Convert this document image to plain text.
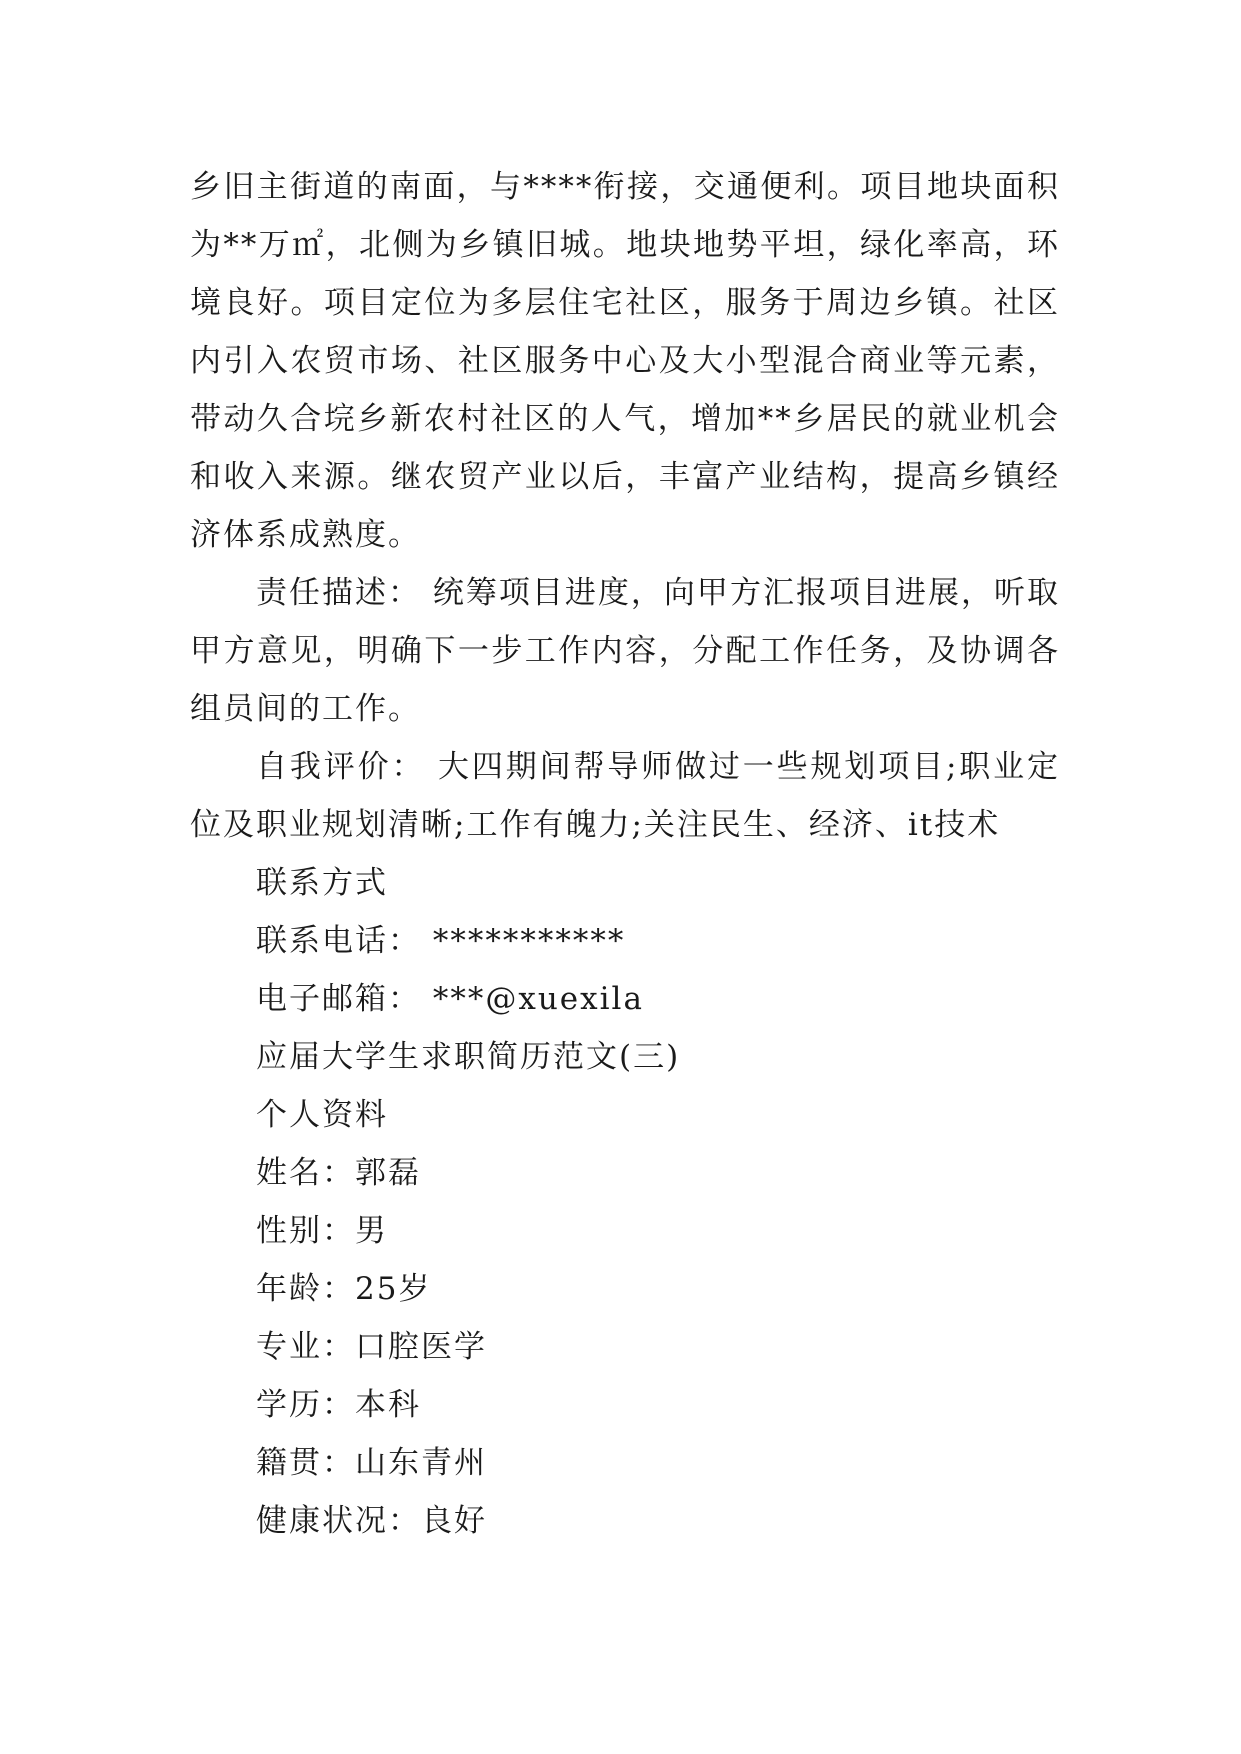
乡旧主街道的南面，与****衔接，交通便利。项目地块面积为**万㎡，北侧为乡镇旧城。地块地势平坦，绿化率高，环境良好。项目定位为多层住宅社区，服务于周边乡镇。社区内引入农贸市场、社区服务中心及大小型混合商业等元素，带动久合垸乡新农村社区的人气，增加**乡居民的就业机会和收入来源。继农贸产业以后，丰富产业结构，提高乡镇经济体系成熟度。

责任描述： 统筹项目进度，向甲方汇报项目进展，听取甲方意见，明确下一步工作内容，分配工作任务，及协调各组员间的工作。

自我评价： 大四期间帮导师做过一些规划项目;职业定位及职业规划清晰;工作有魄力;关注民生、经济、it技术

联系方式

联系电话： ***********

电子邮箱： ***@xuexila

应届大学生求职简历范文(三)

个人资料

姓名：郭磊

性别：男

年龄：25岁

专业：口腔医学

学历：本科

籍贯：山东青州

健康状况：良好
